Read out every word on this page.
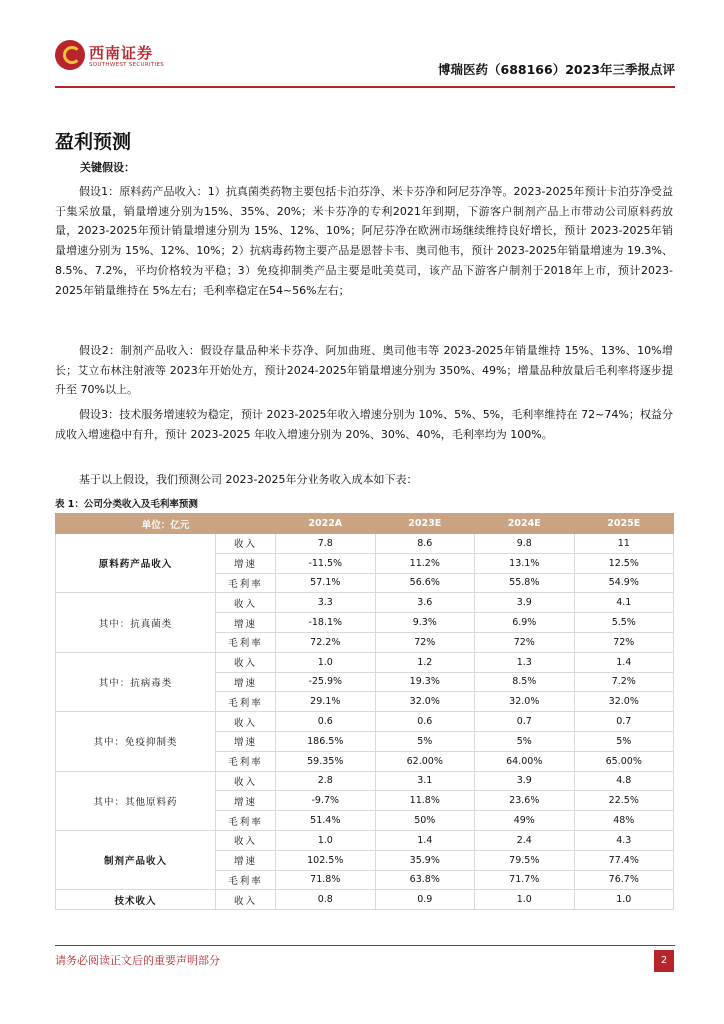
西南证券
SOUTHWEST SECURITIES	博瑞医药（688166）2023年三季报点评
盈利预测
关键假设：

假设1：原料药产品收入：1）抗真菌类药物主要包括卡泊芬净、米卡芬净和阿尼芬净等。2023-2025年预计卡泊芬净受益于集采放量，销量增速分别为15%、35%、20%；米卡芬净的专利2021年到期，下游客户制剂产品上市带动公司原料药放量，2023-2025年预计销量增速分别为 15%、12%、10%；阿尼芬净在欧洲市场继续维持良好增长，预计 2023-2025年销量增速分别为 15%、12%、10%；2）抗病毒药物主要产品是恩替卡韦、奥司他韦，预计 2023-2025年销量增速为 19.3%、8.5%、7.2%，平均价格较为平稳；3）免疫抑制类产品主要是吡美莫司，该产品下游客户制剂于2018年上市，预计2023-2025年销量维持在 5%左右；毛利率稳定在54~56%左右；

假设2：制剂产品收入：假设存量品种米卡芬净、阿加曲班、奥司他韦等 2023-2025年销量维持 15%、13%、10%增长；艾立布林注射液等 2023年开始处方，预计2024-2025年销量增速分别为 350%、49%；增量品种放量后毛利率将逐步提升至 70%以上。

假设3：技术服务增速较为稳定，预计 2023-2025年收入增速分别为 10%、5%、5%，毛利率维持在 72~74%；权益分成收入增速稳中有升，预计 2023-2025 年收入增速分别为 20%、30%、40%，毛利率均为 100%。

基于以上假设，我们预测公司 2023-2025年分业务收入成本如下表：

表 1：公司分类收入及毛利率预测
单位：亿元		2022A	2023E	2024E	2025E
原料药产品收入	收入	7.8	8.6	9.8	11
	增速	-11.5%	11.2%	13.1%	12.5%
	毛利率	57.1%	56.6%	55.8%	54.9%
其中：抗真菌类	收入	3.3	3.6	3.9	4.1
	增速	-18.1%	9.3%	6.9%	5.5%
	毛利率	72.2%	72%	72%	72%
其中：抗病毒类	收入	1.0	1.2	1.3	1.4
	增速	-25.9%	19.3%	8.5%	7.2%
	毛利率	29.1%	32.0%	32.0%	32.0%
其中：免疫抑制类	收入	0.6	0.6	0.7	0.7
	增速	186.5%	5%	5%	5%
	毛利率	59.35%	62.00%	64.00%	65.00%
其中：其他原料药	收入	2.8	3.1	3.9	4.8
	增速	-9.7%	11.8%	23.6%	22.5%
	毛利率	51.4%	50%	49%	48%
制剂产品收入	收入	1.0	1.4	2.4	4.3
	增速	102.5%	35.9%	79.5%	77.4%
	毛利率	71.8%	63.8%	71.7%	76.7%
技术收入	收入	0.8	0.9	1.0	1.0
请务必阅读正文后的重要声明部分	2
